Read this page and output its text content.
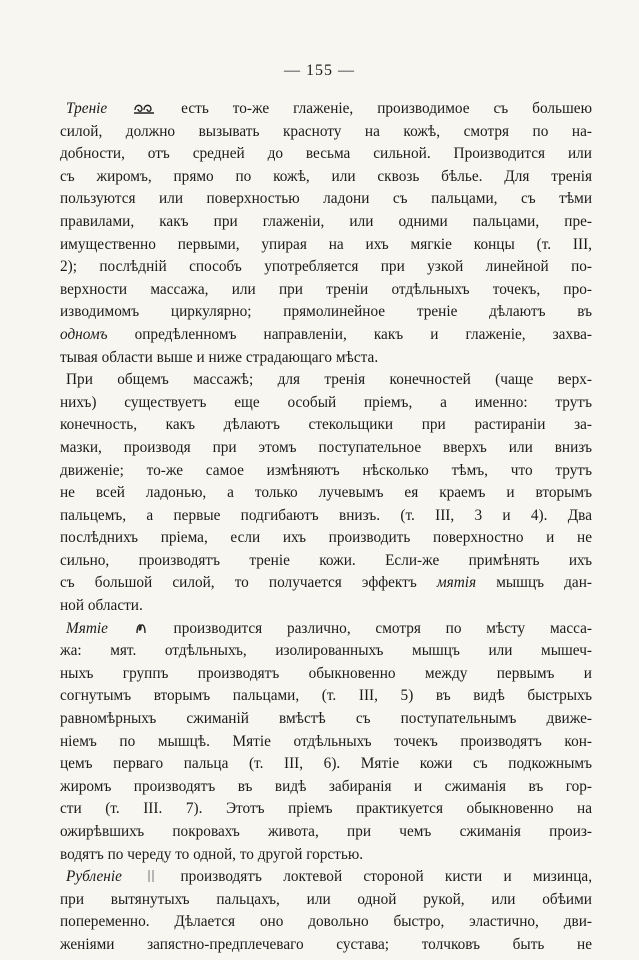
— 155 —
Тренiе	есть то-же глаженiе, производимое съ большею
силой, должно вызывать красноту на кожѣ, смотря по на-
добности, отъ средней до весьма сильной. Производится или
съ жиромъ, прямо по кожѣ, или сквозь бѣлье. Для тренiя
пользуются или поверхностью ладони съ пальцами, съ тѣми
правилами, какъ при глаженiи, или одними пальцами, пре-
имущественно первыми, упирая на ихъ мягкiе концы (т. III,
2); послѣднiй способъ употребляется при узкой линейной по-
верхности массажа, или при тренiи отдѣльныхъ точекъ, про-
изводимомъ циркулярно; прямолинейное тренiе дѣлаютъ въ
одномъ опредѣленномъ направленiи, какъ и глаженiе, захва-
тывая области выше и ниже страдающаго мѣста.
При общемъ массажѣ; для тренiя конечностей (чаще верх-
нихъ) существуетъ еще особый прiемъ, а именно: трутъ
конечность, какъ дѣлаютъ стекольщики при растиранiи за-
мазки, производя при этомъ поступательное вверхъ или внизъ
движенiе; то-же самое измѣняютъ нѣсколько тѣмъ, что трутъ
не всей ладонью, а только лучевымъ ея краемъ и вторымъ
пальцемъ, а первые подгибаютъ внизъ. (т. III, 3 и 4). Два
послѣднихъ прiема, если ихъ производить поверхностно и не
сильно, производятъ тренiе кожи. Если-же примѣнять ихъ
съ большой силой, то получается эффектъ мятiя мышцъ дан-
ной области.
Мятiе	производится различно, смотря по мѣсту масса-
жа: мят. отдѣльныхъ, изолированныхъ мышцъ или мышеч-
ныхъ группъ производятъ обыкновенно между первымъ и
согнутымъ вторымъ пальцами, (т. III, 5) въ видѣ быстрыхъ
равномѣрныхъ сжиманiй вмѣстѣ съ поступательнымъ движе-
нiемъ по мышцѣ. Мятiе отдѣльныхъ точекъ производятъ кон-
цемъ перваго пальца (т. III, 6). Мятiе кожи съ подкожнымъ
жиромъ производятъ въ видѣ забиранiя и сжиманiя въ гор-
сти (т. III. 7). Этотъ прiемъ практикуется обыкновенно на
ожирѣвшихъ покровахъ живота, при чемъ сжиманiя произ-
водятъ по череду то одной, то другой горстью.
Рубленiе	производятъ локтевой стороной кисти и мизинца,
при вытянутыхъ пальцахъ, или одной рукой, или обѣими
попеременно. Дѣлается оно довольно быстро, эластично, дви-
женiями запястно-предплечеваго сустава; толчковъ быть не
